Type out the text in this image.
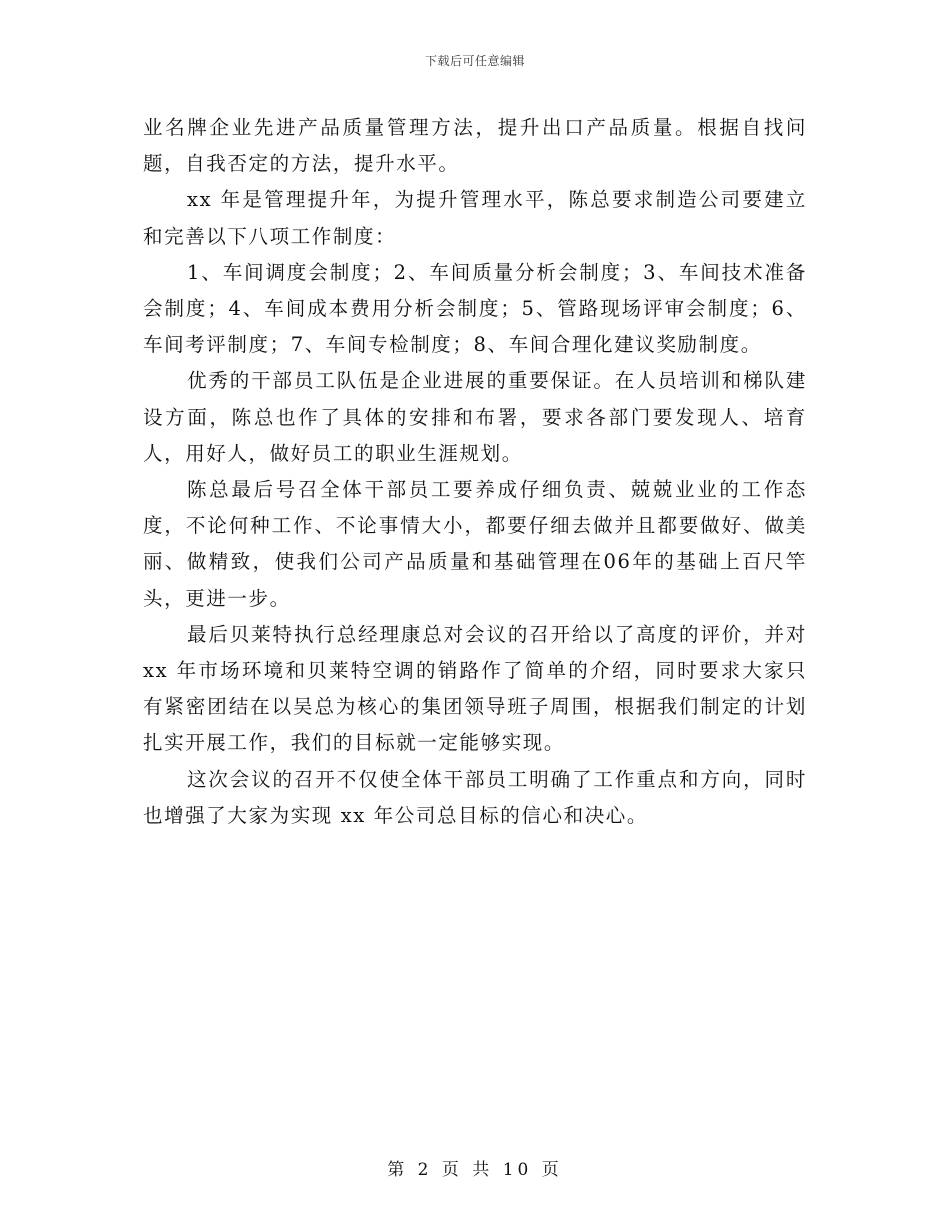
下载后可任意编辑

业名牌企业先进产品质量管理方法，提升出口产品质量。根据自找问题，自我否定的方法，提升水平。

xx 年是管理提升年，为提升管理水平，陈总要求制造公司要建立和完善以下八项工作制度：

1、车间调度会制度；2、车间质量分析会制度；3、车间技术准备会制度；4、车间成本费用分析会制度；5、管路现场评审会制度；6、车间考评制度；7、车间专检制度；8、车间合理化建议奖励制度。

优秀的干部员工队伍是企业进展的重要保证。在人员培训和梯队建设方面，陈总也作了具体的安排和布署，要求各部门要发现人、培育人，用好人，做好员工的职业生涯规划。

陈总最后号召全体干部员工要养成仔细负责、兢兢业业的工作态度，不论何种工作、不论事情大小，都要仔细去做并且都要做好、做美丽、做精致，使我们公司产品质量和基础管理在06年的基础上百尺竿头，更进一步。

最后贝莱特执行总经理康总对会议的召开给以了高度的评价，并对 xx 年市场环境和贝莱特空调的销路作了简单的介绍，同时要求大家只有紧密团结在以吴总为核心的集团领导班子周围，根据我们制定的计划扎实开展工作，我们的目标就一定能够实现。

这次会议的召开不仅使全体干部员工明确了工作重点和方向，同时也增强了大家为实现 xx 年公司总目标的信心和决心。

第 2 页 共 10 页
